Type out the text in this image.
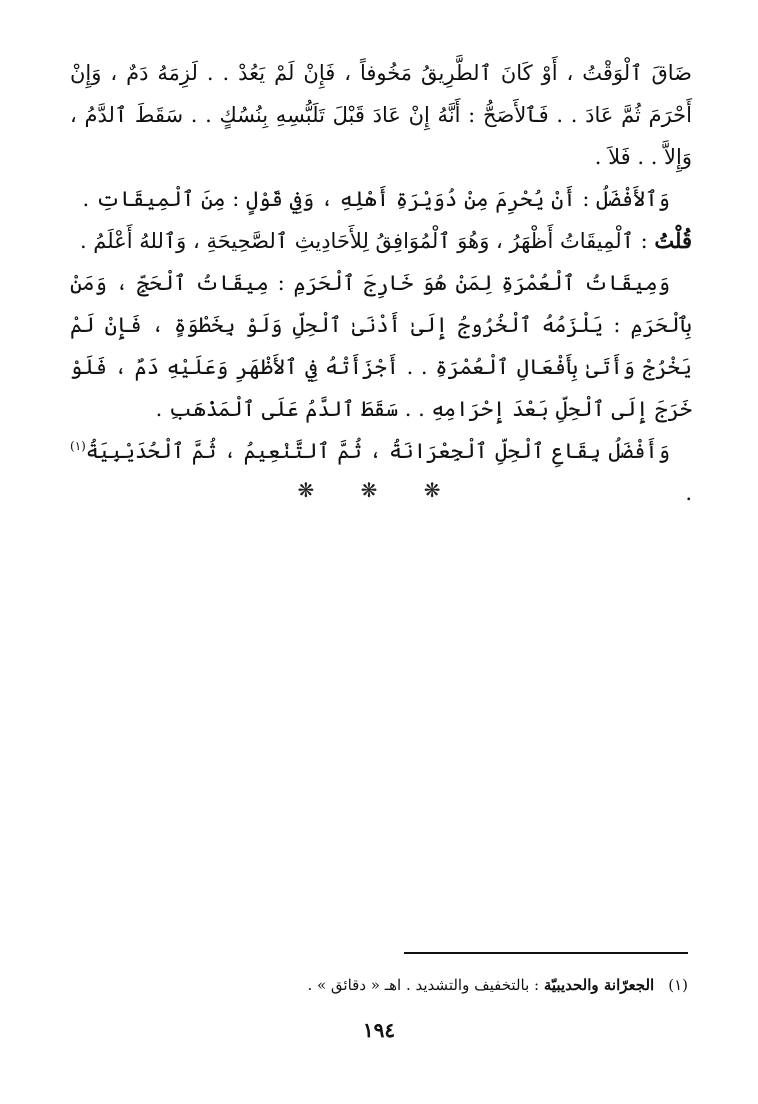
ضَاقَ ٱلْوَقْتُ ، أَوْ كَانَ ٱلطَّرِيقُ مَخُوفاً ، فَإِنْ لَمْ يَعُدْ . . لَزِمَهُ دَمٌ ، وَإِنْ أَحْرَمَ ثُمَّ عَادَ . . فَٱلأَصَحُّ : أَنَّهُ إِنْ عَادَ قَبْلَ تَلَبُّسِهِ بِنُسُكٍ . . سَقَطَ ٱلدَّمُ ، وَإِلاَّ . . فَلاَ .

وَٱلأَفْضَلُ : أَنْ يُحْرِمَ مِنْ دُوَيْرَةِ أَهْلِهِ ، وَفِي قَوْلٍ : مِنَ ٱلْمِيقَاتِ .

قُلْتُ : ٱلْمِيقَاتُ أَظْهَرُ ، وَهُوَ ٱلْمُوَافِقُ لِلأَحَادِيثِ ٱلصَّحِيحَةِ ، وَٱللهُ أَعْلَمُ .

وَمِيقَاتُ ٱلْعُمْرَةِ لِمَنْ هُوَ خَارِجَ ٱلْحَرَمِ : مِيقَاتُ ٱلْحَجِّ ، وَمَنْ بِٱلْحَرَمِ : يَلْزَمُهُ ٱلْخُرُوجُ إِلَىٰ أَدْنَىٰ ٱلْحِلِّ وَلَوْ بِخَطْوَةٍ ، فَإِنْ لَمْ يَخْرُجْ وَأَتَىٰ بِأَفْعَالِ ٱلْعُمْرَةِ . . أَجْزَأَتْهُ فِي ٱلأَظْهَرِ وَعَلَيْهِ دَمٌ ، فَلَوْ خَرَجَ إِلَى ٱلْحِلِّ بَعْدَ إِحْرَامِهِ . . سَقَطَ ٱلدَّمُ عَلَى ٱلْمَذْهَبِ .

وَأَفْضَلُ بِقَاعِ ٱلْحِلِّ ٱلْجِعْرَانَةُ ، ثُمَّ ٱلتَّنْعِيمُ ، ثُمَّ ٱلْحُدَيْبِيَةُ$^{(١)}$ .

❋ ❋ ❋
(١)الجعرّانة والحديبيّة : بالتخفيف والتشديد . اهـ « دقائق » .
١٩٤
